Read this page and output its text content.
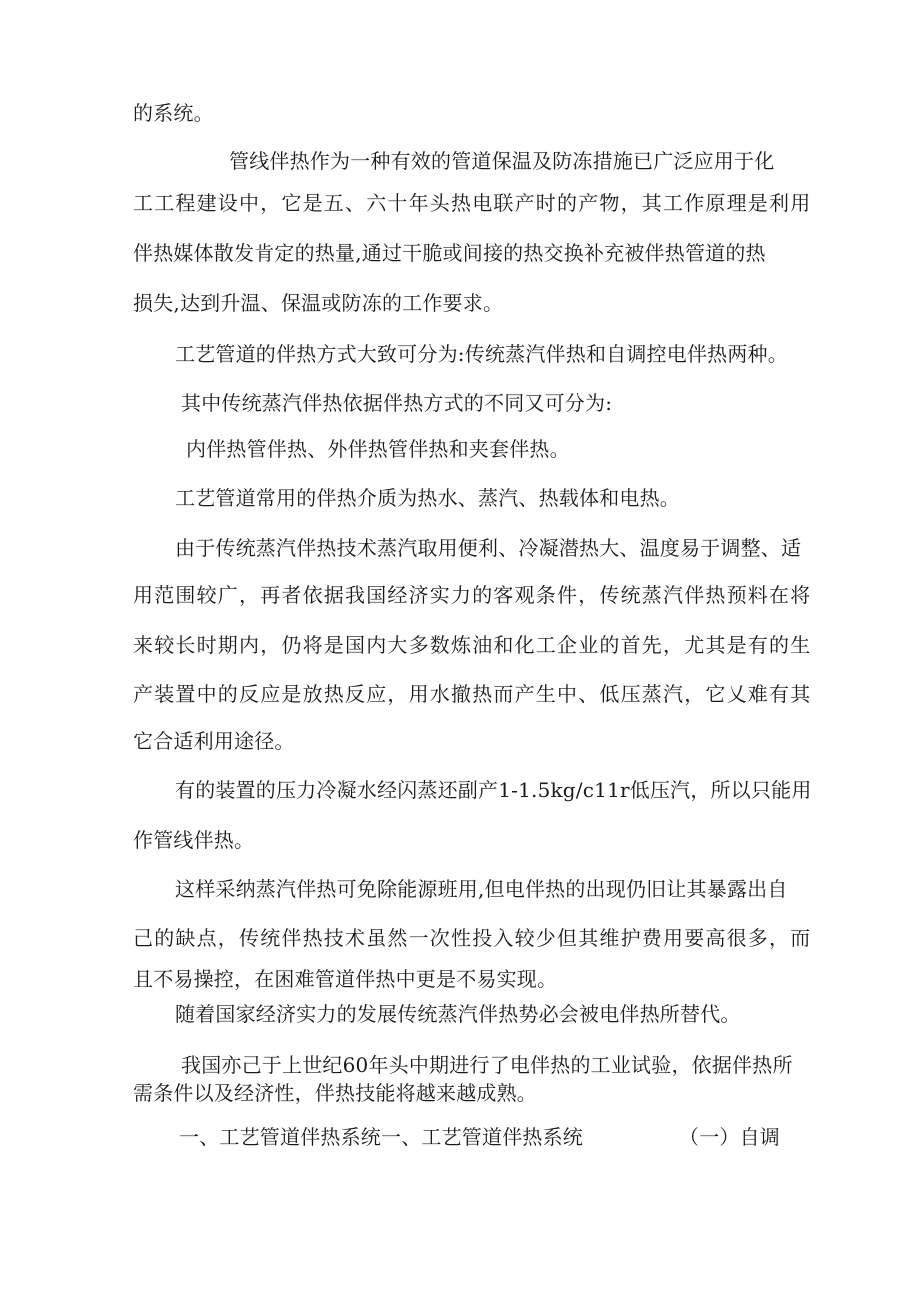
的系统。
管线伴热作为一种有效的管道保温及防冻措施已广泛应用于化
工工程建设中，它是五、六十年头热电联产时的产物，其工作原理是利用
伴热媒体散发肯定的热量,通过干脆或间接的热交换补充被伴热管道的热
损失,达到升温、保温或防冻的工作要求。
工艺管道的伴热方式大致可分为:传统蒸汽伴热和自调控电伴热两种。
其中传统蒸汽伴热依据伴热方式的不同又可分为:
内伴热管伴热、外伴热管伴热和夹套伴热。
工艺管道常用的伴热介质为热水、蒸汽、热载体和电热。
由于传统蒸汽伴热技术蒸汽取用便利、冷凝潜热大、温度易于调整、适
用范围较广，再者依据我国经济实力的客观条件，传统蒸汽伴热预料在将
来较长时期内，仍将是国内大多数炼油和化工企业的首先，尤其是有的生
产装置中的反应是放热反应，用水撤热而产生中、低压蒸汽，它乂难有其
它合适利用途径。
有的装置的压力冷凝水经闪蒸还副产1-1.5kg/c11r低压汽，所以只能用
作管线伴热。
这样采纳蒸汽伴热可免除能源班用,但电伴热的出现仍旧让其暴露出自
己的缺点，传统伴热技术虽然一次性投入较少但其维护费用要高很多，而
且不易操控，在困难管道伴热中更是不易实现。
随着国家经济实力的发展传统蒸汽伴热势必会被电伴热所替代。
我国亦己于上世纪60年头中期进行了电伴热的工业试验，依据伴热所
需条件以及经济性，伴热技能将越来越成熟。
一、工艺管道伴热系统一、工艺管道伴热系统	（一）自调
